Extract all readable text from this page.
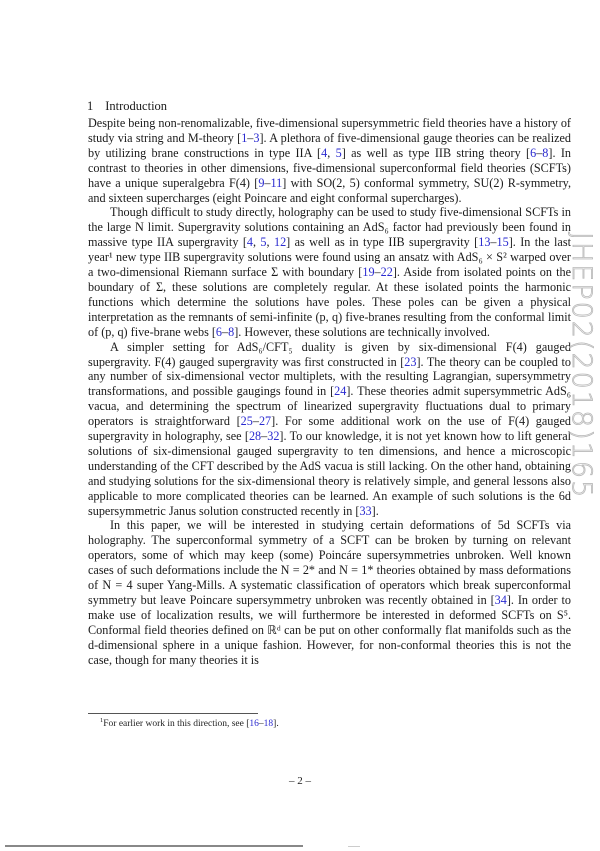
1 Introduction

Despite being non-renomalizable, five-dimensional supersymmetric field theories have a history of study via string and M-theory [1–3]. A plethora of five-dimensional gauge theories can be realized by utilizing brane constructions in type IIA [4, 5] as well as type IIB string theory [6–8]. In contrast to theories in other dimensions, five-dimensional superconformal field theories (SCFTs) have a unique superalgebra F(4) [9–11] with SO(2, 5) conformal symmetry, SU(2) R-symmetry, and sixteen supercharges (eight Poincare and eight conformal supercharges).

Though difficult to study directly, holography can be used to study five-dimensional SCFTs in the large N limit. Supergravity solutions containing an AdS₆ factor had previously been found in massive type IIA supergravity [4, 5, 12] as well as in type IIB supergravity [13–15]. In the last year¹ new type IIB supergravity solutions were found using an ansatz with AdS₆ × S² warped over a two-dimensional Riemann surface Σ with boundary [19–22]. Aside from isolated points on the boundary of Σ, these solutions are completely regular. At these isolated points the harmonic functions which determine the solutions have poles. These poles can be given a physical interpretation as the remnants of semi-infinite (p, q) five-branes resulting from the conformal limit of (p, q) five-brane webs [6–8]. However, these solutions are technically involved.

A simpler setting for AdS₆/CFT₅ duality is given by six-dimensional F(4) gauged supergravity. F(4) gauged supergravity was first constructed in [23]. The theory can be coupled to any number of six-dimensional vector multiplets, with the resulting Lagrangian, supersymmetry transformations, and possible gaugings found in [24]. These theories admit supersymmetric AdS₆ vacua, and determining the spectrum of linearized supergravity fluctuations dual to primary operators is straightforward [25–27]. For some additional work on the use of F(4) gauged supergravity in holography, see [28–32]. To our knowledge, it is not yet known how to lift general solutions of six-dimensional gauged supergravity to ten dimensions, and hence a microscopic understanding of the CFT described by the AdS vacua is still lacking. On the other hand, obtaining and studying solutions for the six-dimensional theory is relatively simple, and general lessons also applicable to more complicated theories can be learned. An example of such solutions is the 6d supersymmetric Janus solution constructed recently in [33].

In this paper, we will be interested in studying certain deformations of 5d SCFTs via holography. The superconformal symmetry of a SCFT can be broken by turning on relevant operators, some of which may keep (some) Poincáre supersymmetries unbroken. Well known cases of such deformations include the N = 2* and N = 1* theories obtained by mass deformations of N = 4 super Yang-Mills. A systematic classification of operators which break superconformal symmetry but leave Poincare supersymmetry unbroken was recently obtained in [34]. In order to make use of localization results, we will furthermore be interested in deformed SCFTs on S⁵. Conformal field theories defined on ℝᵈ can be put on other conformally flat manifolds such as the d-dimensional sphere in a unique fashion. However, for non-conformal theories this is not the case, though for many theories it is

$^1$For earlier work in this direction, see [16–18].
– 2 –
JHEP02(2018)165
